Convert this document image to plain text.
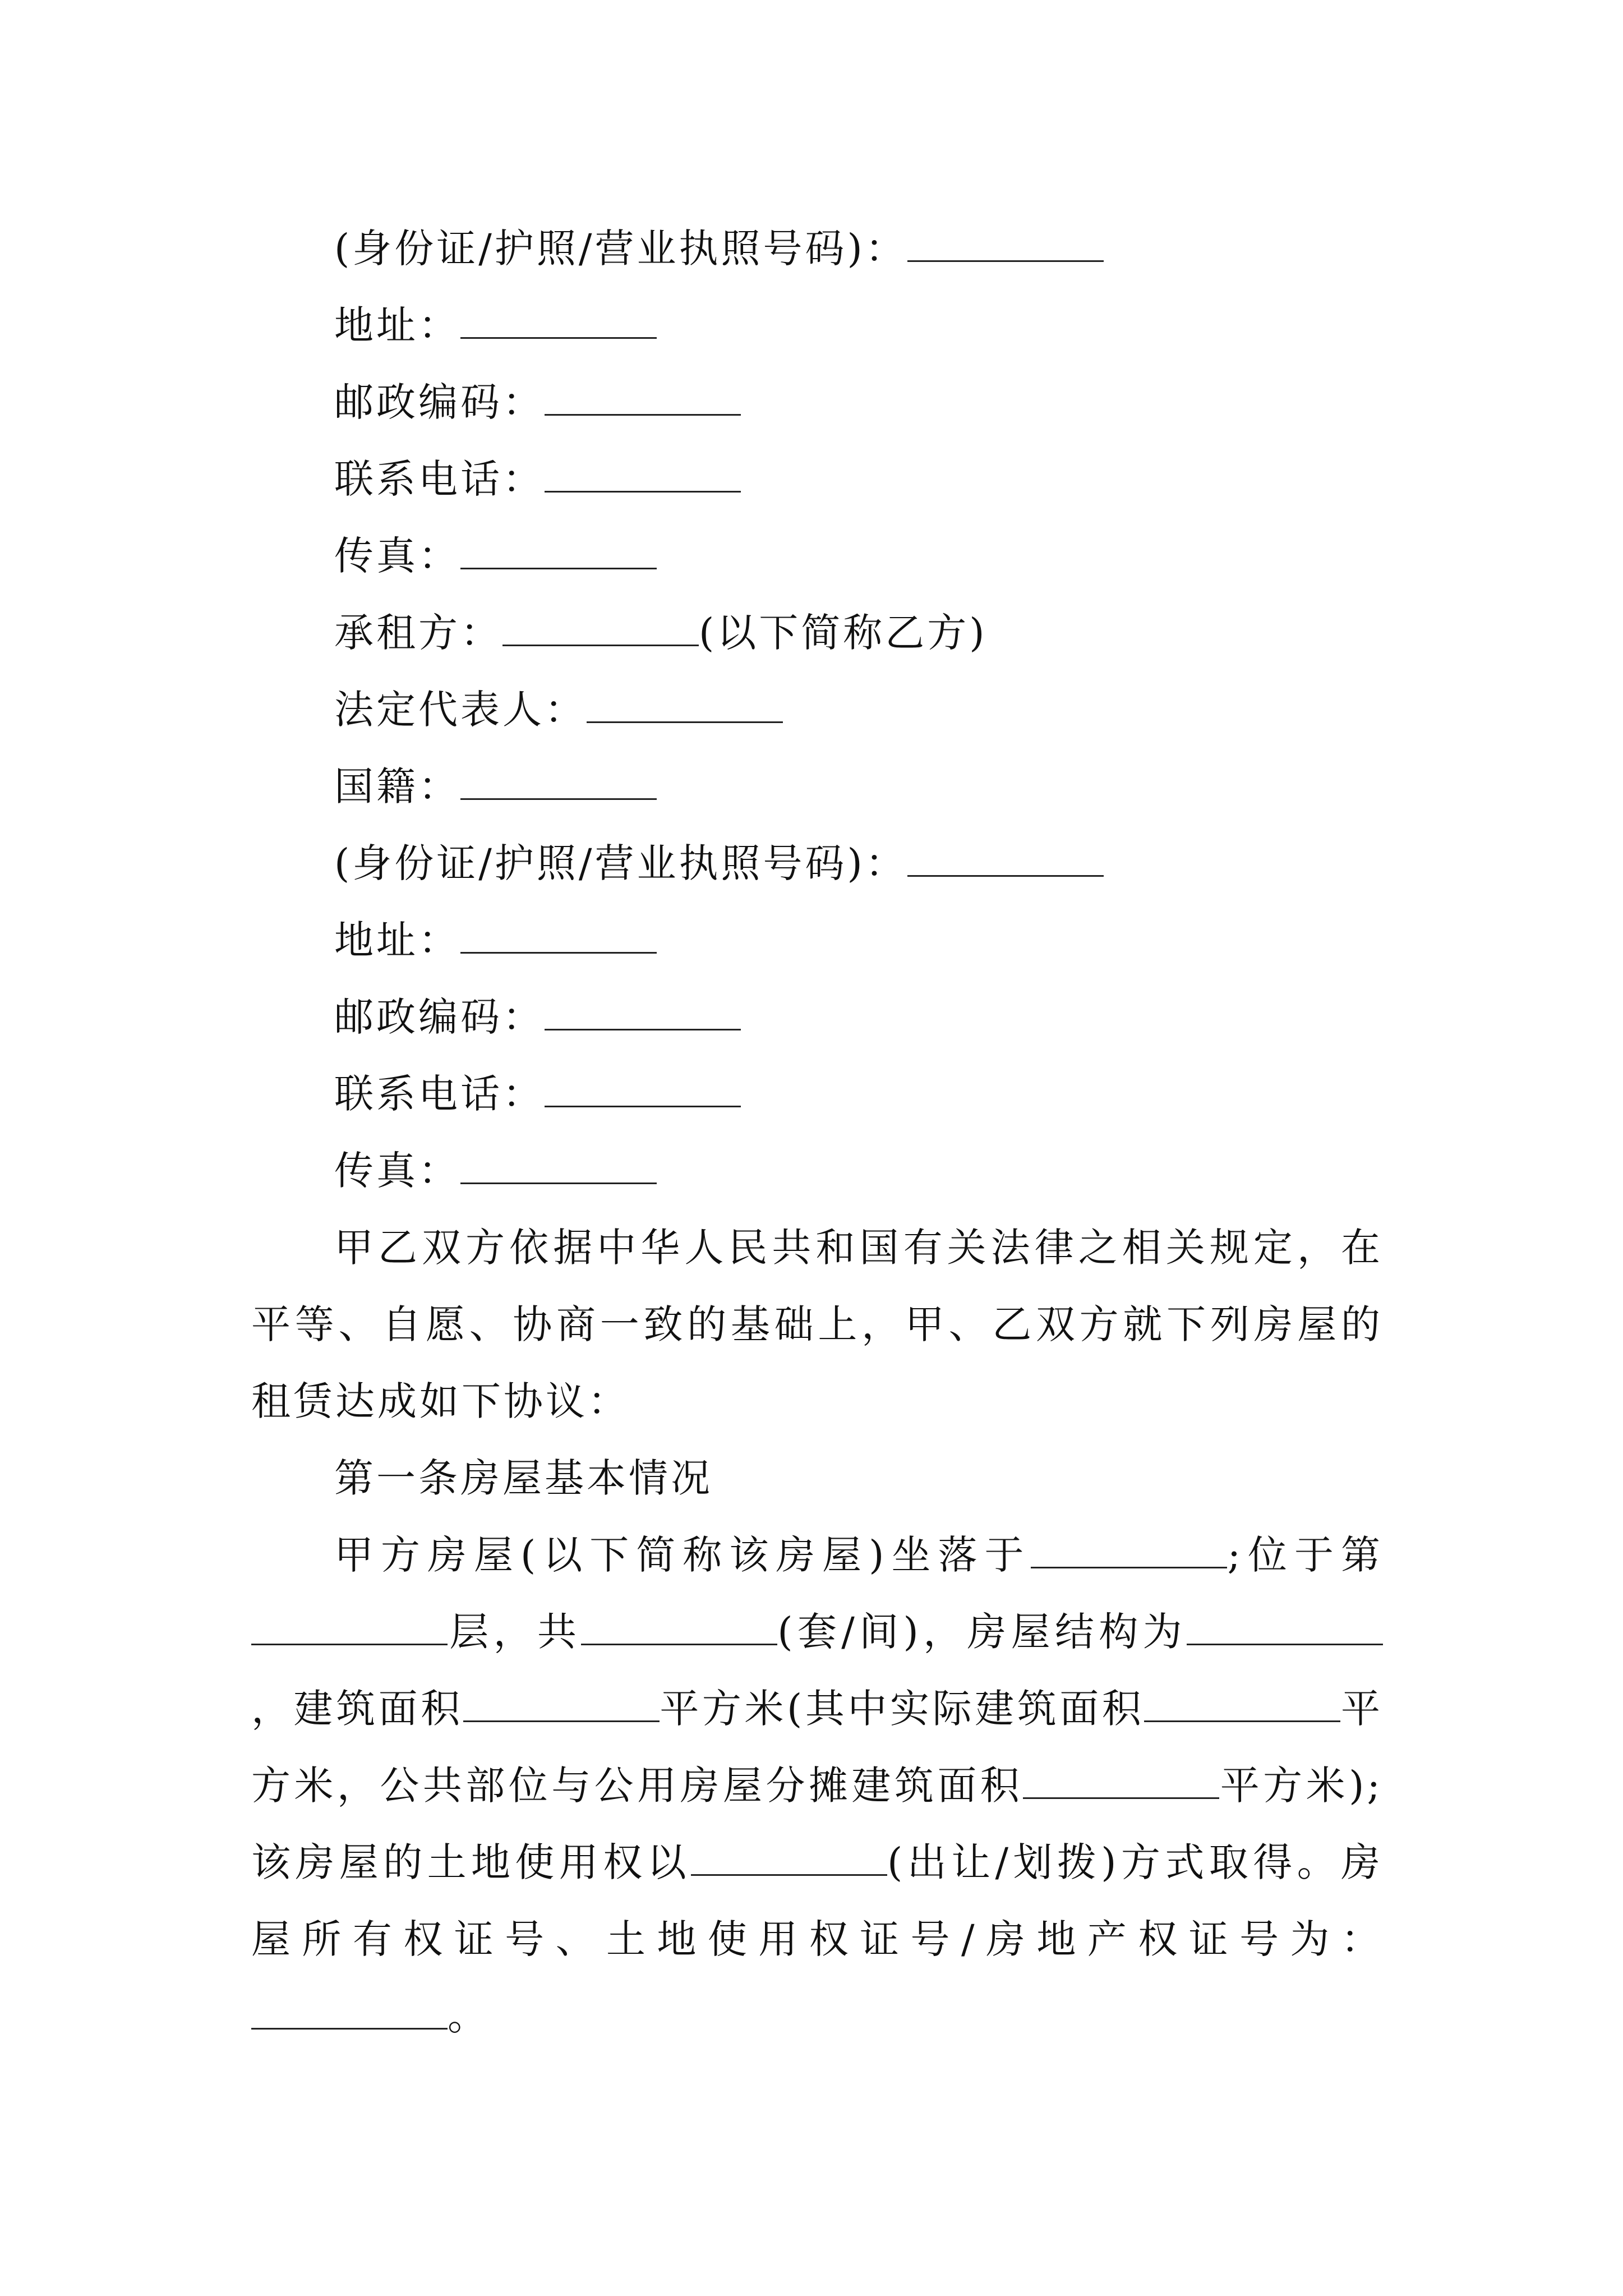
(身份证/护照/营业执照号码)：
地址：
邮政编码：
联系电话：
传真：
承租方：	(以下简称乙方)
法定代表人：
国籍：
(身份证/护照/营业执照号码)：
地址：
邮政编码：
联系电话：
传真：
甲乙双方依据中华人民共和国有关法律之相关规定，在平等、自愿、协商一致的基础上，甲、乙双方就下列房屋的租赁达成如下协议：
第一条房屋基本情况
甲方房屋(以下简称该房屋)坐落于	;位于第层，共	(套/间)，房屋结构为，建筑面积	平方米(其中实际建筑面积	平方米，公共部位与公用房屋分摊建筑面积	平方米);该房屋的土地使用权以	(出让/划拨)方式取得。房屋所有权证号、土地使用权证号/房地产权证号为：。
